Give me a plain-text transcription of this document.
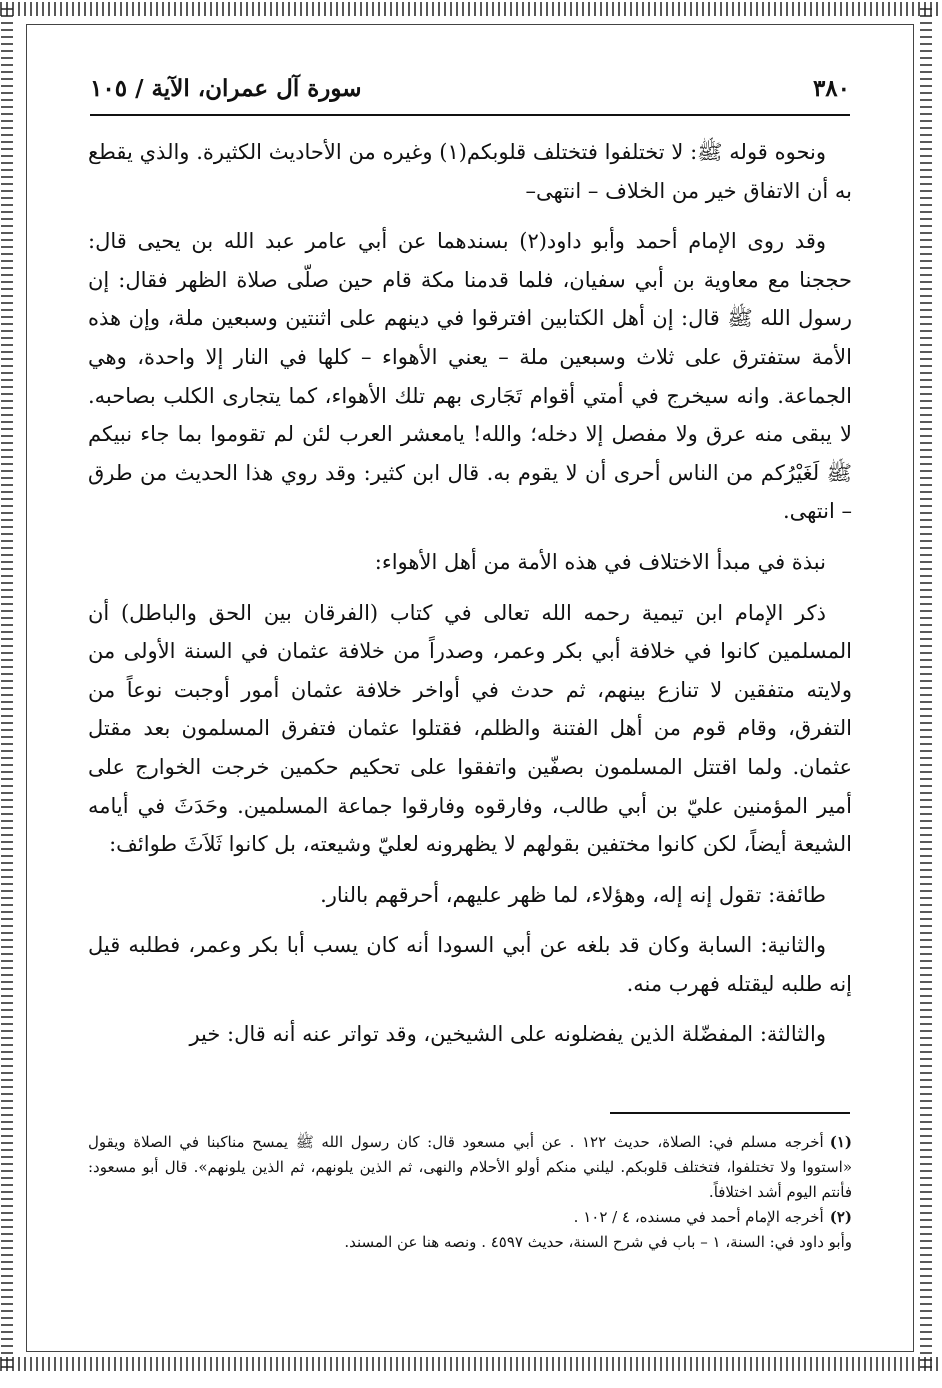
٣٨٠
سورة آل عمران، الآية / ١٠٥

ونحوه قوله ﷺ: لا تختلفوا فتختلف قلوبكم(١) وغيره من الأحاديث الكثيرة. والذي يقطع به أن الاتفاق خير من الخلاف – انتهى–

وقد روى الإمام أحمد وأبو داود(٢) بسندهما عن أبي عامر عبد الله بن يحيى قال: حججنا مع معاوية بن أبي سفيان، فلما قدمنا مكة قام حين صلّى صلاة الظهر فقال: إن رسول الله ﷺ قال: إن أهل الكتابين افترقوا في دينهم على اثنتين وسبعين ملة، وإن هذه الأمة ستفترق على ثلاث وسبعين ملة – يعني الأهواء – كلها في النار إلا واحدة، وهي الجماعة. وانه سيخرج في أمتي أقوام تَجَارى بهم تلك الأهواء، كما يتجارى الكلب بصاحبه. لا يبقى منه عرق ولا مفصل إلا دخله؛ والله! يامعشر العرب لئن لم تقوموا بما جاء نبيكم ﷺ لَغَيْرُكم من الناس أحرى أن لا يقوم به. قال ابن كثير: وقد روي هذا الحديث من طرق – انتهى.

نبذة في مبدأ الاختلاف في هذه الأمة من أهل الأهواء:

ذكر الإمام ابن تيمية رحمه الله تعالى في كتاب (الفرقان بين الحق والباطل) أن المسلمين كانوا في خلافة أبي بكر وعمر، وصدراً من خلافة عثمان في السنة الأولى من ولايته متفقين لا تنازع بينهم، ثم حدث في أواخر خلافة عثمان أمور أوجبت نوعاً من التفرق، وقام قوم من أهل الفتنة والظلم، فقتلوا عثمان فتفرق المسلمون بعد مقتل عثمان. ولما اقتتل المسلمون بصفّين واتفقوا على تحكيم حكمين خرجت الخوارج على أمير المؤمنين عليّ بن أبي طالب، وفارقوه وفارقوا جماعة المسلمين. وحَدَثَ في أيامه الشيعة أيضاً، لكن كانوا مختفين بقولهم لا يظهرونه لعليّ وشيعته، بل كانوا ثَلاَثَ طوائف:

طائفة: تقول إنه إله، وهؤلاء، لما ظهر عليهم، أحرقهم بالنار.

والثانية: السابة وكان قد بلغه عن أبي السودا أنه كان يسب أبا بكر وعمر، فطلبه قيل إنه طلبه ليقتله فهرب منه.

والثالثة: المفضّلة الذين يفضلونه على الشيخين، وقد تواتر عنه أنه قال: خير

(١)أخرجه مسلم في: الصلاة، حديث ١٢٢ . عن أبي مسعود قال: كان رسول الله ﷺ يمسح مناكبنا في الصلاة ويقول «استووا ولا تختلفوا، فتختلف قلوبكم. ليلني منكم أولو الأحلام والنهى، ثم الذين يلونهم، ثم الذين يلونهم». قال أبو مسعود: فأنتم اليوم أشد اختلافاً.

(٢)أخرجه الإمام أحمد في مسنده، ٤ / ١٠٢ .

وأبو داود في: السنة، ١ – باب في شرح السنة، حديث ٤٥٩٧ . ونصه هنا عن المسند.
